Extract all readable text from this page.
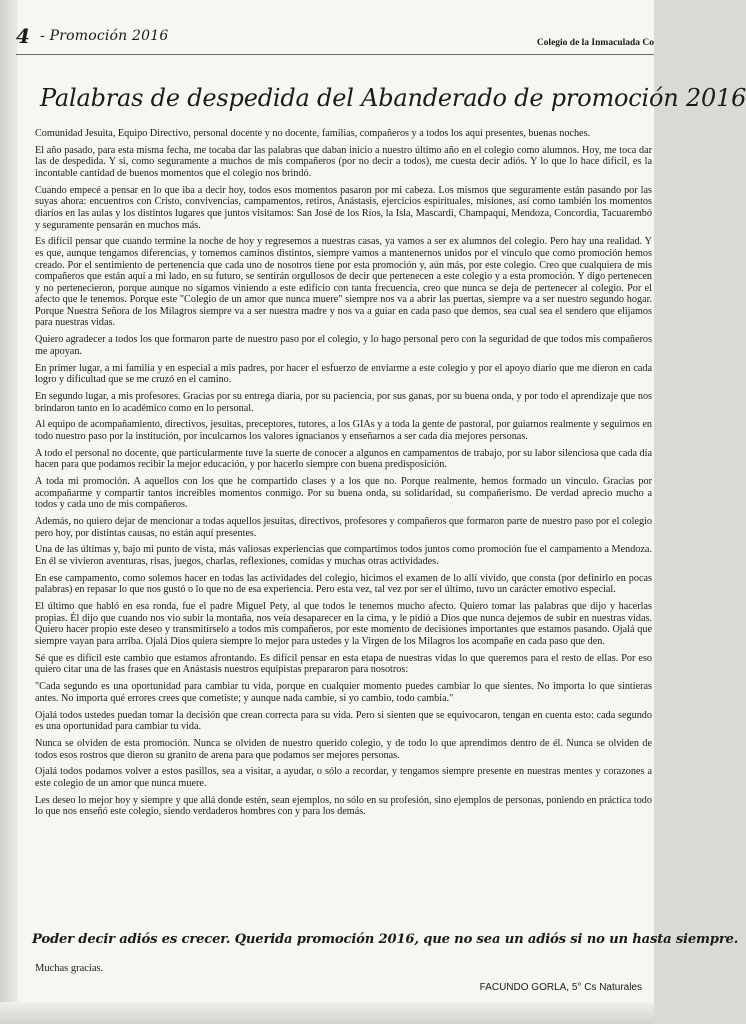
4
-	Promoción 2016	Colegio de la Inmaculada Co
Palabras de despedida del Abanderado de promoción 2016

Comunidad Jesuita, Equipo Directivo, personal docente y no docente, familias, compañeros y a todos los aquí presentes, buenas noches.

El año pasado, para esta misma fecha, me tocaba dar las palabras que daban inicio a nuestro último año en el colegio como alumnos. Hoy, me toca dar las de despedida. Y sí, como seguramente a muchos de mis compañeros (por no decir a todos), me cuesta decir adiós. Y lo que lo hace difícil, es la incontable cantidad de buenos momentos que el colegio nos brindó.

Cuando empecé a pensar en lo que iba a decir hoy, todos esos momentos pasaron por mi cabeza. Los mismos que seguramente están pasando por las suyas ahora: encuentros con Cristo, convivencias, campamentos, retiros, Anástasis, ejercicios espirituales, misiones, así como también los momentos diarios en las aulas y los distintos lugares que juntos visitamos: San José de los Ríos, la Isla, Mascardi, Champaqui, Mendoza, Concordia, Tacuarembó y seguramente pensarán en muchos más.

Es difícil pensar que cuando termine la noche de hoy y regresemos a nuestras casas, ya vamos a ser ex alumnos del colegio. Pero hay una realidad. Y es que, aunque tengamos diferencias, y tomemos caminos distintos, siempre vamos a mantenernos unidos por el vínculo que como promoción hemos creado. Por el sentimiento de pertenencia que cada uno de nosotros tiene por esta promoción y, aún más, por este colegio. Creo que cualquiera de mis compañeros que están aquí a mi lado, en su futuro, se sentirán orgullosos de decir que pertenecen a este colegio y a esta promoción. Y digo pertenecen y no pertenecieron, porque aunque no sigamos viniendo a este edificio con tanta frecuencia, creo que nunca se deja de pertenecer al colegio. Por el afecto que le tenemos. Porque este "Colegio de un amor que nunca muere" siempre nos va a abrir las puertas, siempre va a ser nuestro segundo hogar. Porque Nuestra Señora de los Milagros siempre va a ser nuestra madre y nos va a guiar en cada paso que demos, sea cual sea el sendero que elijamos para nuestras vidas.

Quiero agradecer a todos los que formaron parte de nuestro paso por el colegio, y lo hago personal pero con la seguridad de que todos mis compañeros me apoyan.

En primer lugar, a mi familia y en especial a mis padres, por hacer el esfuerzo de enviarme a este colegio y por el apoyo diario que me dieron en cada logro y dificultad que se me cruzó en el camino.

En segundo lugar, a mis profesores. Gracias por su entrega diaria, por su paciencia, por sus ganas, por su buena onda, y por todo el aprendizaje que nos brindaron tanto en lo académico como en lo personal.

Al equipo de acompañamiento, directivos, jesuitas, preceptores, tutores, a los GIAs y a toda la gente de pastoral, por guiarnos realmente y seguirnos en todo nuestro paso por la institución, por inculcarnos los valores ignacianos y enseñarnos a ser cada día mejores personas.

A todo el personal no docente, que particularmente tuve la suerte de conocer a algunos en campamentos de trabajo, por su labor silenciosa que cada día hacen para que podamos recibir la mejor educación, y por hacerlo siempre con buena predisposición.

A toda mi promoción. A aquellos con los que he compartido clases y a los que no. Porque realmente, hemos formado un vínculo. Gracias por acompañarme y compartir tantos increíbles momentos conmigo. Por su buena onda, su solidaridad, su compañerismo. De verdad aprecio mucho a todos y cada uno de mis compañeros.

Además, no quiero dejar de mencionar a todas aquellos jesuitas, directivos, profesores y compañeros que formaron parte de nuestro paso por el colegio pero hoy, por distintas causas, no están aquí presentes.

Una de las últimas y, bajo mi punto de vista, más valiosas experiencias que compartimos todos juntos como promoción fue el campamento a Mendoza. En él se vivieron aventuras, risas, juegos, charlas, reflexiones, comidas y muchas otras actividades.

En ese campamento, como solemos hacer en todas las actividades del colegio, hicimos el examen de lo allí vivido, que consta (por definirlo en pocas palabras) en repasar lo que nos gustó o lo que no de esa experiencia. Pero esta vez, tal vez por ser el último, tuvo un carácter emotivo especial.

El último que habló en esa ronda, fue el padre Miguel Pety, al que todos le tenemos mucho afecto. Quiero tomar las palabras que dijo y hacerlas propias. Él dijo que cuando nos vio subir la montaña, nos veía desaparecer en la cima, y le pidió a Dios que nunca dejemos de subir en nuestras vidas. Quiero hacer propio este deseo y transmitírselo a todos mis compañeros, por este momento de decisiones importantes que estamos pasando. Ojalá que siempre vayan para arriba. Ojalá Dios quiera siempre lo mejor para ustedes y la Virgen de los Milagros los acompañe en cada paso que den.

Sé que es difícil este cambio que estamos afrontando. Es difícil pensar en esta etapa de nuestras vidas lo que queremos para el resto de ellas. Por eso quiero citar una de las frases que en Anástasis nuestros equipistas prepararon para nosotros:

"Cada segundo es una oportunidad para cambiar tu vida, porque en cualquier momento puedes cambiar lo que sientes. No importa lo que sintieras antes. No importa qué errores crees que cometiste; y aunque nada cambie, si yo cambio, todo cambia."

Ojalá todos ustedes puedan tomar la decisión que crean correcta para su vida. Pero si sienten que se equivocaron, tengan en cuenta esto: cada segundo es una oportunidad para cambiar tu vida.

Nunca se olviden de esta promoción. Nunca se olviden de nuestro querido colegio, y de todo lo que aprendimos dentro de él. Nunca se olviden de todos esos rostros que dieron su granito de arena para que podamos ser mejores personas.

Ojalá todos podamos volver a estos pasillos, sea a visitar, a ayudar, o sólo a recordar, y tengamos siempre presente en nuestras mentes y corazones a este colegio de un amor que nunca muere.

Les deseo lo mejor hoy y siempre y que allá donde estén, sean ejemplos, no sólo en su profesión, sino ejemplos de personas, poniendo en práctica todo lo que nos enseñó este colegio, siendo verdaderos hombres con y para los demás.

Poder decir adiós es crecer. Querida promoción 2016, que no sea un adiós si no un hasta siempre.
Muchas gracias.
FACUNDO GORLA, 5° Cs Naturales
